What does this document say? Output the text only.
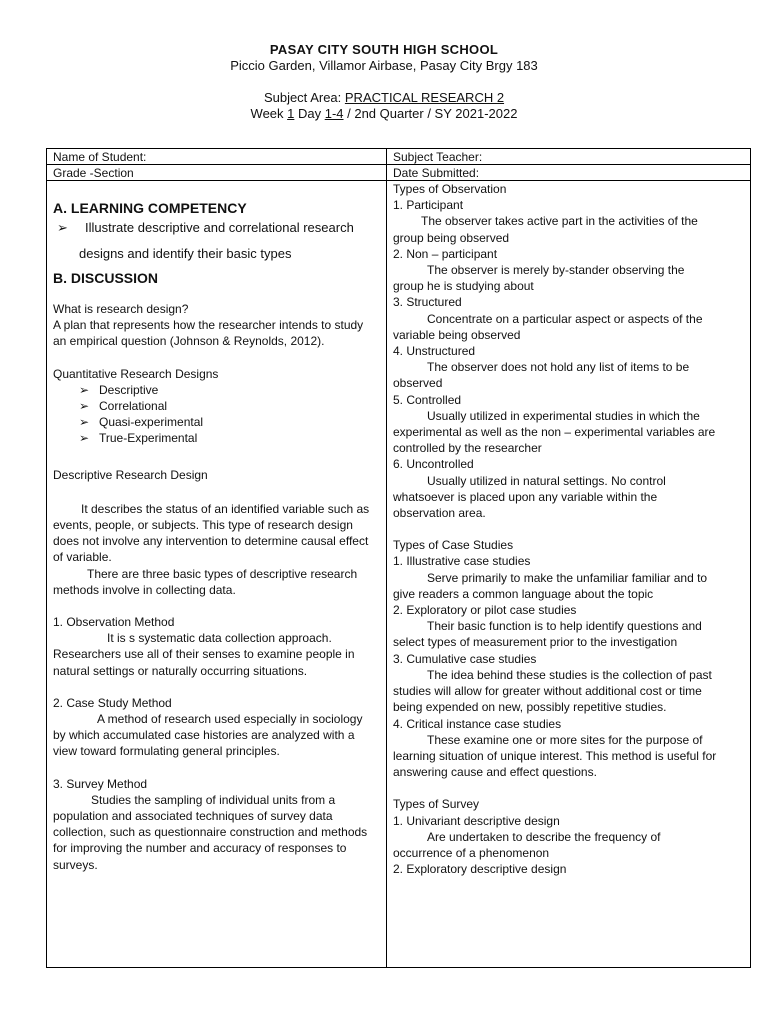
PASAY CITY SOUTH HIGH SCHOOL
Piccio Garden, Villamor Airbase, Pasay City Brgy 183
Subject Area: PRACTICAL RESEARCH 2
Week 1 Day 1-4 / 2nd Quarter / SY 2021-2022
Name of Student:	Subject Teacher:
Grade -Section	Date Submitted:

A. LEARNING COMPETENCY

➢ Illustrate descriptive and correlational research designs and identify their basic types

B. DISCUSSION

What is research design?

A plan that represents how the researcher intends to study an empirical question (Johnson & Reynolds, 2012).

Quantitative Research Designs

➢ Descriptive

➢ Correlational

➢ Quasi-experimental

➢ True-Experimental

Descriptive Research Design

It describes the status of an identified variable such as events, people, or subjects. This type of research design does not involve any intervention to determine causal effect of variable.

There are three basic types of descriptive research methods involve in collecting data.

1. Observation Method

It is s systematic data collection approach. Researchers use all of their senses to examine people in natural settings or naturally occurring situations.

2. Case Study Method

A method of research used especially in sociology by which accumulated case histories are analyzed with a view toward formulating general principles.

3. Survey Method

Studies the sampling of individual units from a population and associated techniques of survey data collection, such as questionnaire construction and methods for improving the number and accuracy of responses to surveys.

Types of Observation

1. Participant

The observer takes active part in the activities of the group being observed

2. Non – participant

The observer is merely by-stander observing the group he is studying about

3. Structured

Concentrate on a particular aspect or aspects of the variable being observed

4. Unstructured

The observer does not hold any list of items to be observed

5. Controlled

Usually utilized in experimental studies in which the experimental as well as the non – experimental variables are controlled by the researcher

6. Uncontrolled

Usually utilized in natural settings. No control whatsoever is placed upon any variable within the observation area.

Types of Case Studies

1. Illustrative case studies

Serve primarily to make the unfamiliar familiar and to give readers a common language about the topic

2. Exploratory or pilot case studies

Their basic function is to help identify questions and select types of measurement prior to the investigation

3. Cumulative case studies

The idea behind these studies is the collection of past studies will allow for greater without additional cost or time being expended on new, possibly repetitive studies.

4. Critical instance case studies

These examine one or more sites for the purpose of learning situation of unique interest. This method is useful for answering cause and effect questions.

Types of Survey

1. Univariant descriptive design

Are undertaken to describe the frequency of occurrence of a phenomenon

2. Exploratory descriptive design
